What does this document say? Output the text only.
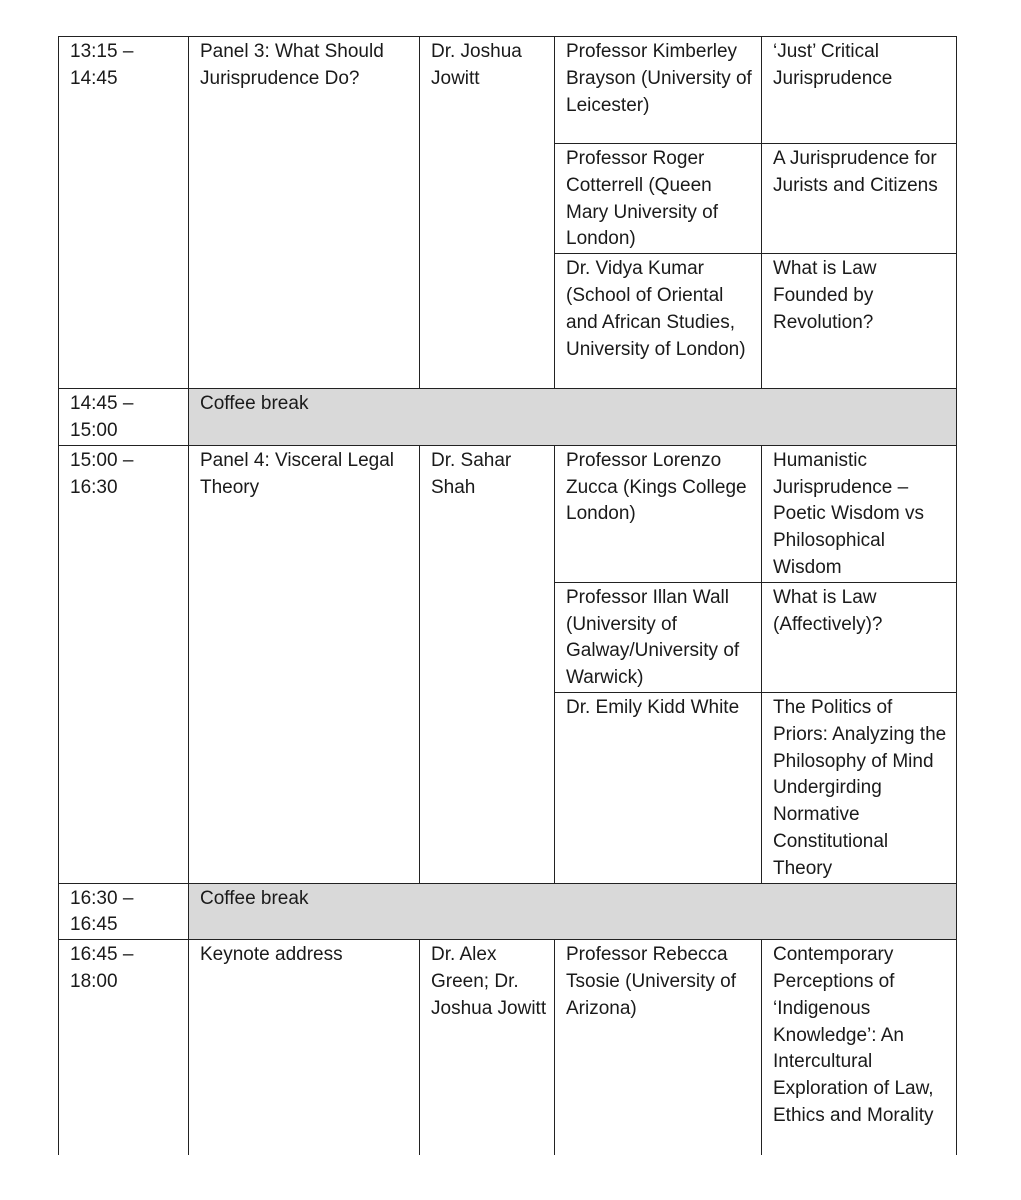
13:15 – 14:45	Panel 3: What Should Jurisprudence Do?	Dr. Joshua Jowitt	Professor Kimberley Brayson (University of Leicester)	‘Just’ Critical Jurisprudence
			Professor Roger Cotterrell (Queen Mary University of London)	A Jurisprudence for Jurists and Citizens
			Dr. Vidya Kumar (School of Oriental and African Studies, University of London)	What is Law Founded by Revolution?
14:45 – 15:00	Coffee break			
15:00 – 16:30	Panel 4: Visceral Legal Theory	Dr. Sahar Shah	Professor Lorenzo Zucca (Kings College London)	Humanistic Jurisprudence – Poetic Wisdom vs Philosophical Wisdom
			Professor Illan Wall (University of Galway/University of Warwick)	What is Law (Affectively)?
			Dr. Emily Kidd White	The Politics of Priors: Analyzing the Philosophy of Mind Undergirding Normative Constitutional Theory
16:30 – 16:45	Coffee break			
16:45 – 18:00	Keynote address	Dr. Alex Green; Dr. Joshua Jowitt	Professor Rebecca Tsosie (University of Arizona)	Contemporary Perceptions of ‘Indigenous Knowledge’: An Intercultural Exploration of Law, Ethics and Morality
